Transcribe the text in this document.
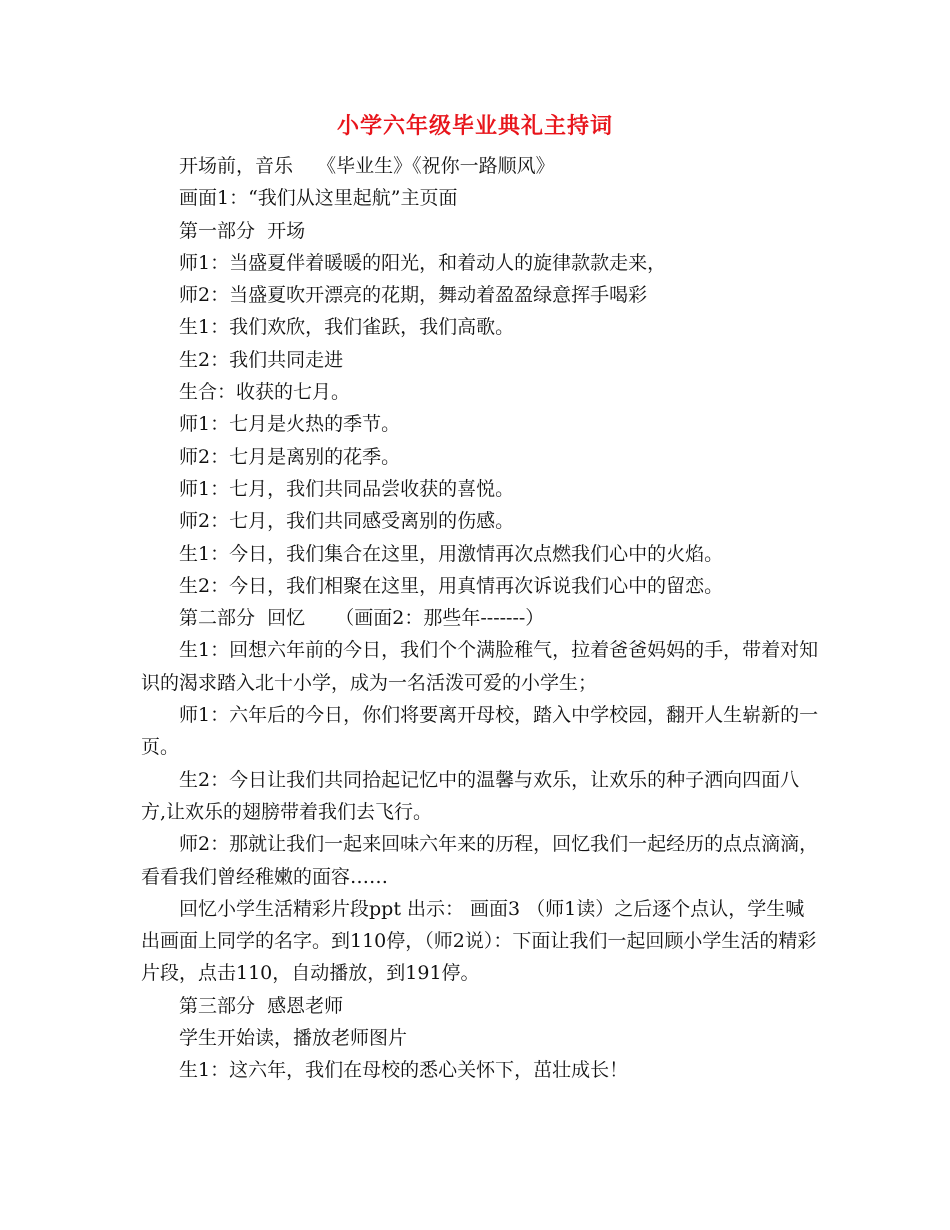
小学六年级毕业典礼主持词

开场前，音乐    《毕业生》《祝你一路顺风》

画面1：“我们从这里起航”主页面

第一部分  开场

师1：当盛夏伴着暖暖的阳光，和着动人的旋律款款走来，

师2：当盛夏吹开漂亮的花期，舞动着盈盈绿意挥手喝彩

生1：我们欢欣，我们雀跃，我们高歌。

生2：我们共同走进

生合：收获的七月。

师1：七月是火热的季节。

师2：七月是离别的花季。

师1：七月，我们共同品尝收获的喜悦。

师2：七月，我们共同感受离别的伤感。

生1：今日，我们集合在这里，用激情再次点燃我们心中的火焰。

生2：今日，我们相聚在这里，用真情再次诉说我们心中的留恋。

第二部分  回忆     （画面2：那些年-------）

生1：回想六年前的今日，我们个个满脸稚气，拉着爸爸妈妈的手，带着对知识的渴求踏入北十小学，成为一名活泼可爱的小学生；

师1：六年后的今日，你们将要离开母校，踏入中学校园，翻开人生崭新的一页。

生2：今日让我们共同拾起记忆中的温馨与欢乐，让欢乐的种子洒向四面八方,让欢乐的翅膀带着我们去飞行。

师2：那就让我们一起来回味六年来的历程，回忆我们一起经历的点点滴滴，看看我们曾经稚嫩的面容……

回忆小学生活精彩片段ppt 出示： 画面3 （师1读）之后逐个点认，学生喊出画面上同学的名字。到110停，（师2说）：下面让我们一起回顾小学生活的精彩片段，点击110，自动播放，到191停。

第三部分  感恩老师

学生开始读，播放老师图片

生1：这六年，我们在母校的悉心关怀下，茁壮成长！
